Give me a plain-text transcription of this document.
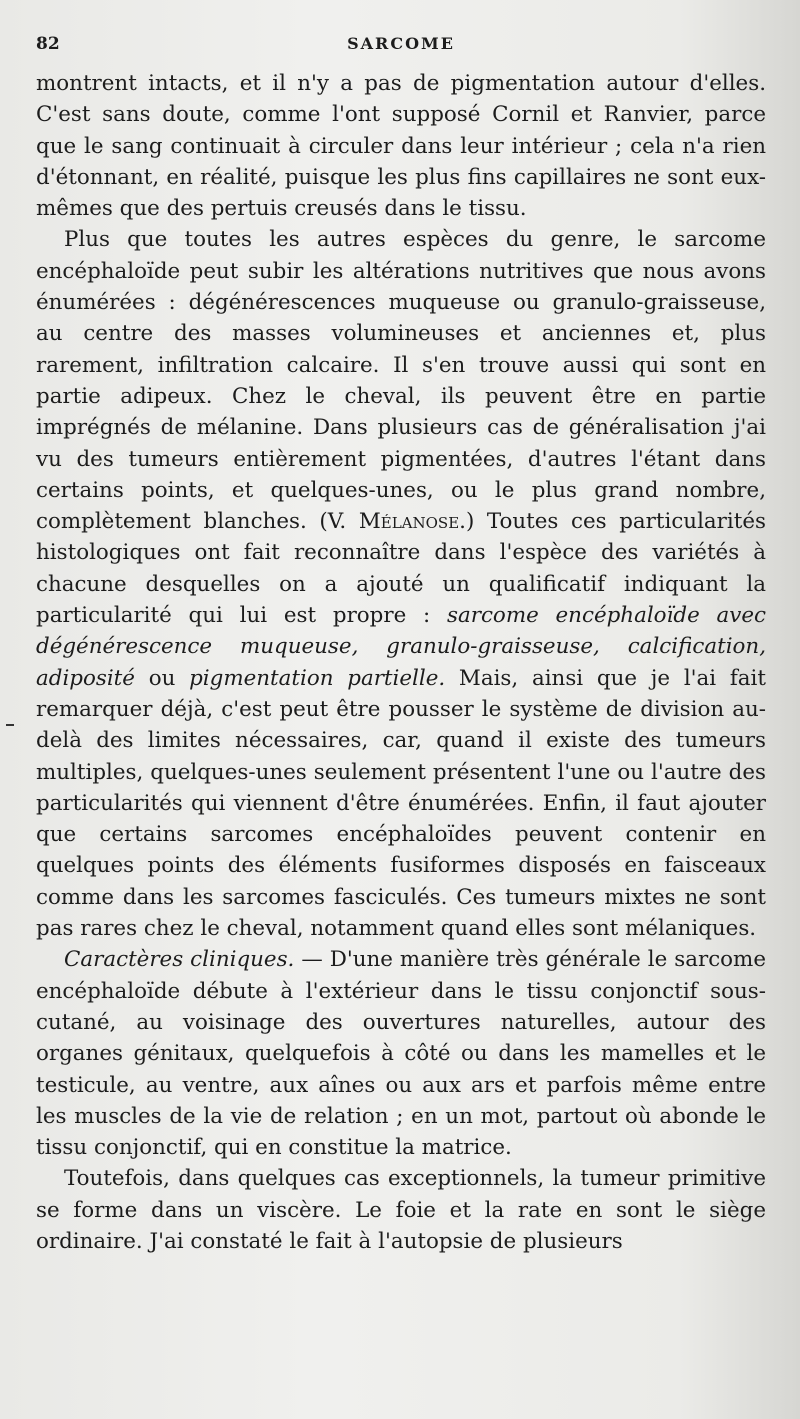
82	SARCOME

montrent intacts, et il n'y a pas de pigmentation autour d'elles. C'est sans doute, comme l'ont supposé Cornil et Ranvier, parce que le sang continuait à circuler dans leur intérieur ; cela n'a rien d'étonnant, en réalité, puisque les plus fins capillaires ne sont eux-mêmes que des pertuis creusés dans le tissu.

Plus que toutes les autres espèces du genre, le sarcome encéphaloïde peut subir les altérations nutritives que nous avons énumérées : dégénérescences muqueuse ou granulo-graisseuse, au centre des masses volumineuses et anciennes et, plus rarement, infiltration calcaire. Il s'en trouve aussi qui sont en partie adipeux. Chez le cheval, ils peuvent être en partie imprégnés de mélanine. Dans plusieurs cas de généralisation j'ai vu des tumeurs entièrement pigmentées, d'autres l'étant dans certains points, et quelques-unes, ou le plus grand nombre, complètement blanches. (V. Mélanose.) Toutes ces particularités histologiques ont fait reconnaître dans l'espèce des variétés à chacune desquelles on a ajouté un qualificatif indiquant la particularité qui lui est propre : sarcome encéphaloïde avec dégénérescence muqueuse, granulo-graisseuse, calcification, adiposité ou pigmentation partielle. Mais, ainsi que je l'ai fait remarquer déjà, c'est peut être pousser le système de division au-delà des limites nécessaires, car, quand il existe des tumeurs multiples, quelques-unes seulement présentent l'une ou l'autre des particularités qui viennent d'être énumérées. Enfin, il faut ajouter que certains sarcomes encéphaloïdes peuvent contenir en quelques points des éléments fusiformes disposés en faisceaux comme dans les sarcomes fasciculés. Ces tumeurs mixtes ne sont pas rares chez le cheval, notamment quand elles sont mélaniques.

Caractères cliniques. — D'une manière très générale le sarcome encéphaloïde débute à l'extérieur dans le tissu conjonctif sous-cutané, au voisinage des ouvertures naturelles, autour des organes génitaux, quelquefois à côté ou dans les mamelles et le testicule, au ventre, aux aînes ou aux ars et parfois même entre les muscles de la vie de relation ; en un mot, partout où abonde le tissu conjonctif, qui en constitue la matrice.

Toutefois, dans quelques cas exceptionnels, la tumeur primitive se forme dans un viscère. Le foie et la rate en sont le siège ordinaire. J'ai constaté le fait à l'autopsie de plusieurs
